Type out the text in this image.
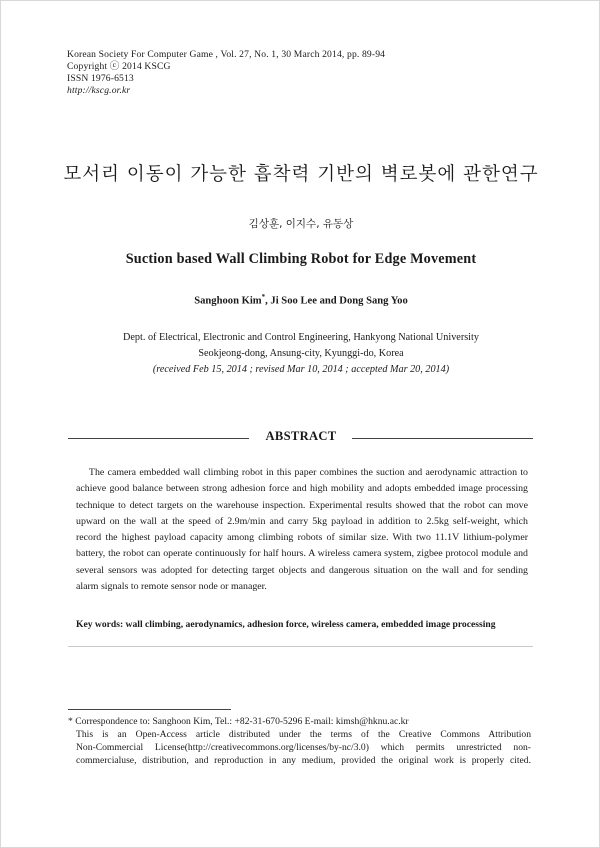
Korean Society For Computer Game , Vol. 27, No. 1, 30 March 2014, pp. 89-94
Copyright ⓒ 2014 KSCG
ISSN 1976-6513
http://kscg.or.kr
모서리 이동이 가능한 흡착력 기반의 벽로봇에 관한연구
김상훈, 이지수, 유동상
Suction based Wall Climbing Robot for Edge Movement
Sanghoon Kim*, Ji Soo Lee and Dong Sang Yoo
Dept. of Electrical, Electronic and Control Engineering, Hankyong National University
Seokjeong-dong, Ansung-city, Kyunggi-do, Korea
(received Feb 15, 2014 ; revised Mar 10, 2014 ; accepted Mar 20, 2014)
ABSTRACT
The camera embedded wall climbing robot in this paper combines the suction and aerodynamic attraction to
achieve good balance between strong adhesion force and high mobility and adopts embedded image processing
technique to detect targets on the warehouse inspection. Experimental results showed that the robot can move
upward on the wall at the speed of 2.9m/min and carry 5kg payload in addition to 2.5kg self-weight, which
record the highest payload capacity among climbing robots of similar size. With two 11.1V lithium-polymer
battery, the robot can operate continuously for half hours. A wireless camera system, zigbee protocol module and
several sensors was adopted for detecting target objects and dangerous situation on the wall and for sending
alarm signals to remote sensor node or manager.
Key words: wall climbing, aerodynamics, adhesion force, wireless camera, embedded image processing
* Correspondence to: Sanghoon Kim, Tel.: +82-31-670-5296 E-mail: kimsh@hknu.ac.kr
This is an Open-Access article distributed under the terms of the Creative Commons Attribution
Non-Commercial License(http://creativecommons.org/licenses/by-nc/3.0) which permits unrestricted non-
commercialuse, distribution, and reproduction in any medium, provided the original work is properly cited.
